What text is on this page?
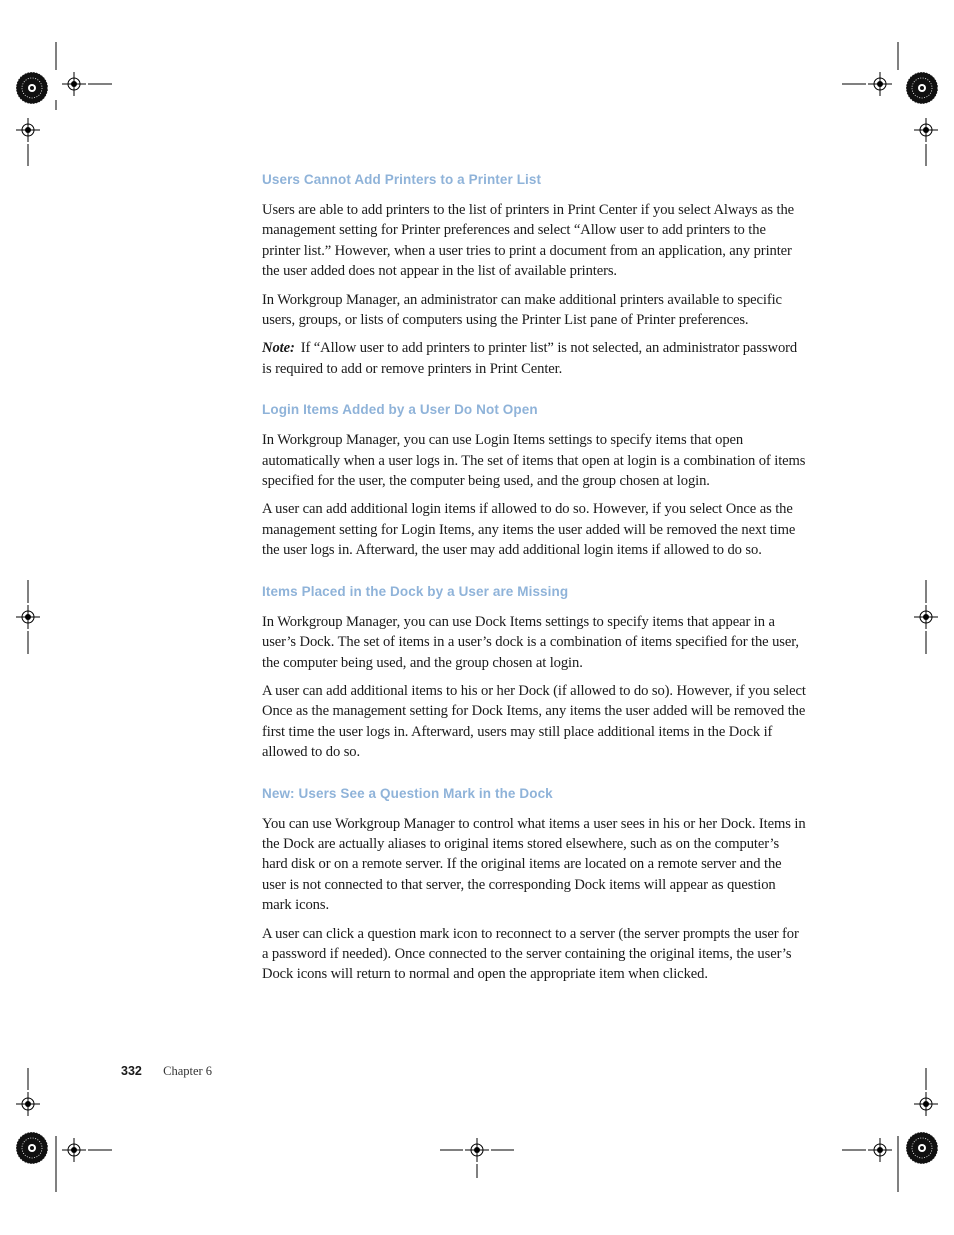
Users Cannot Add Printers to a Printer List

Users are able to add printers to the list of printers in Print Center if you select Always as the management setting for Printer preferences and select “Allow user to add printers to the printer list.” However, when a user tries to print a document from an application, any printer the user added does not appear in the list of available printers.

In Workgroup Manager, an administrator can make additional printers available to specific users, groups, or lists of computers using the Printer List pane of Printer preferences.

Note: If “Allow user to add printers to printer list” is not selected, an administrator password is required to add or remove printers in Print Center.

Login Items Added by a User Do Not Open

In Workgroup Manager, you can use Login Items settings to specify items that open automatically when a user logs in. The set of items that open at login is a combination of items specified for the user, the computer being used, and the group chosen at login.

A user can add additional login items if allowed to do so. However, if you select Once as the management setting for Login Items, any items the user added will be removed the next time the user logs in. Afterward, the user may add additional login items if allowed to do so.

Items Placed in the Dock by a User are Missing

In Workgroup Manager, you can use Dock Items settings to specify items that appear in a user’s Dock. The set of items in a user’s dock is a combination of items specified for the user, the computer being used, and the group chosen at login.

A user can add additional items to his or her Dock (if allowed to do so). However, if you select Once as the management setting for Dock Items, any items the user added will be removed the first time the user logs in. Afterward, users may still place additional items in the Dock if allowed to do so.

New: Users See a Question Mark in the Dock

You can use Workgroup Manager to control what items a user sees in his or her Dock. Items in the Dock are actually aliases to original items stored elsewhere, such as on the computer’s hard disk or on a remote server. If the original items are located on a remote server and the user is not connected to that server, the corresponding Dock items will appear as question mark icons.

A user can click a question mark icon to reconnect to a server (the server prompts the user for a password if needed). Once connected to the server containing the original items, the user’s Dock icons will return to normal and open the appropriate item when clicked.

332 Chapter 6
